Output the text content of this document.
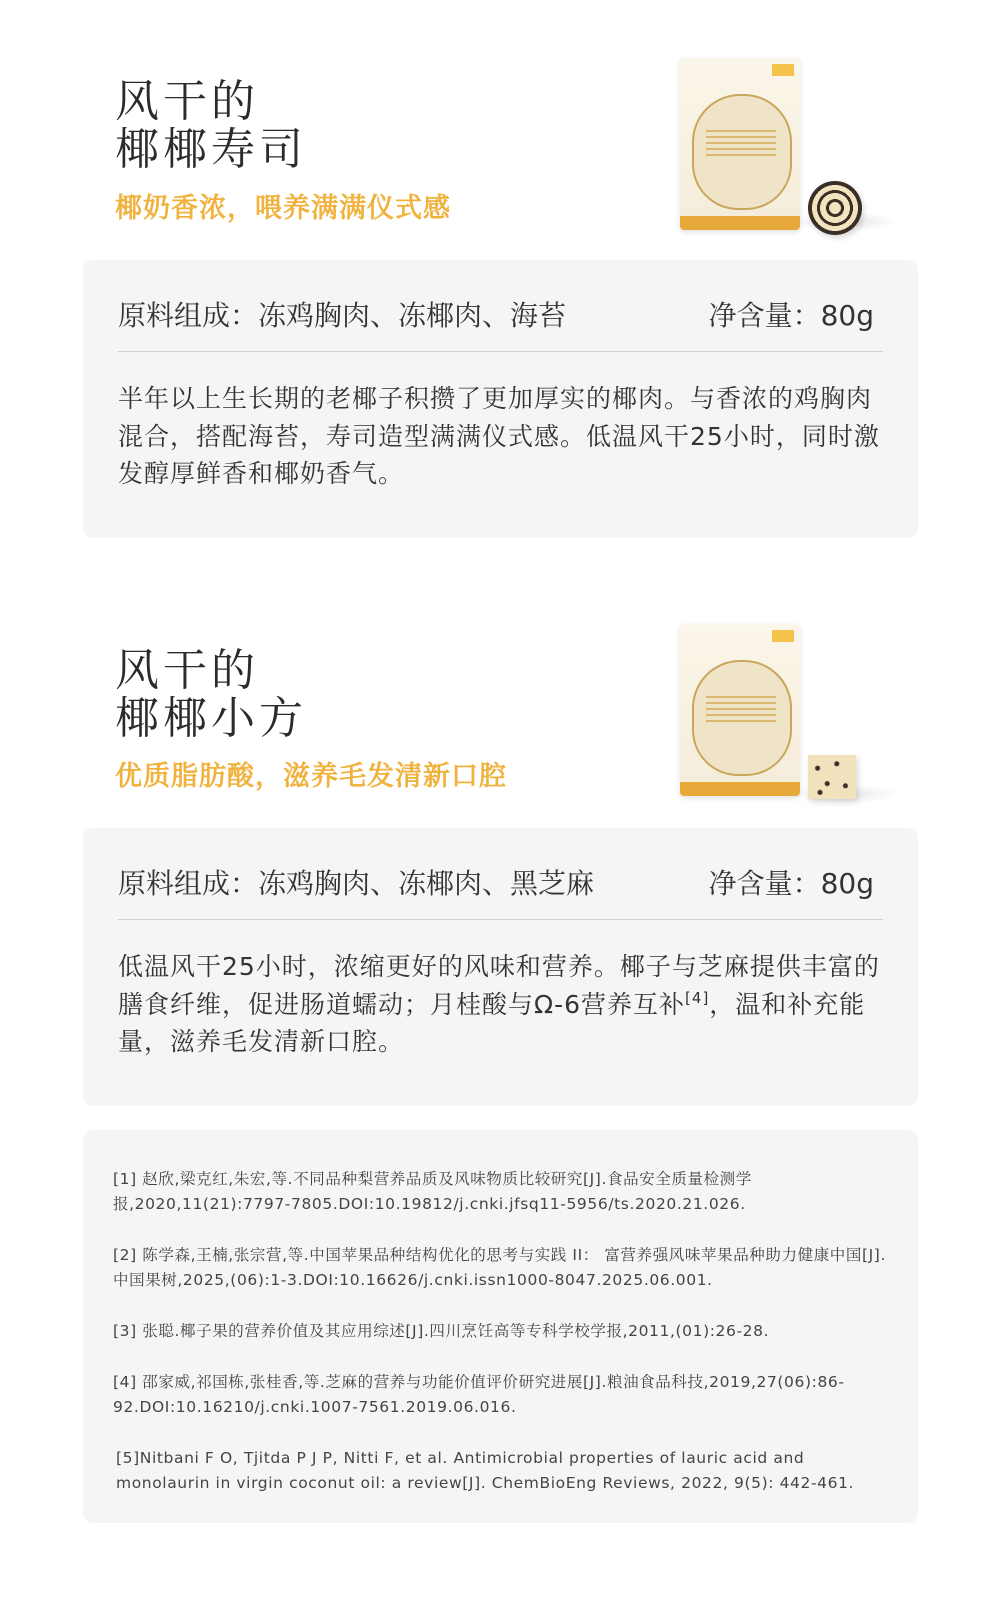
风干的
椰椰寿司
椰奶香浓，喂养满满仪式感
原料组成：冻鸡胸肉、冻椰肉、海苔	净含量：80g
半年以上生长期的老椰子积攒了更加厚实的椰肉。与香浓的鸡胸肉混合，搭配海苔，寿司造型满满仪式感。低温风干25小时，同时激发醇厚鲜香和椰奶香气。
风干的
椰椰小方
优质脂肪酸，滋养毛发清新口腔
原料组成：冻鸡胸肉、冻椰肉、黑芝麻	净含量：80g
低温风干25小时，浓缩更好的风味和营养。椰子与芝麻提供丰富的膳食纤维，促进肠道蠕动；月桂酸与Ω-6营养互补[4]，温和补充能量，滋养毛发清新口腔。
[1] 赵欣,梁克红,朱宏,等.不同品种梨营养品质及风味物质比较研究[J].食品安全质量检测学报,2020,11(21):7797-7805.DOI:10.19812/j.cnki.jfsq11-5956/ts.2020.21.026.
[2] 陈学森,王楠,张宗营,等.中国苹果品种结构优化的思考与实践 II： 富营养强风味苹果品种助力健康中国[J].中国果树,2025,(06):1-3.DOI:10.16626/j.cnki.issn1000-8047.2025.06.001.
[3] 张聪.椰子果的营养价值及其应用综述[J].四川烹饪高等专科学校学报,2011,(01):26-28.
[4] 邵家威,祁国栋,张桂香,等.芝麻的营养与功能价值评价研究进展[J].粮油食品科技,2019,27(06):86-92.DOI:10.16210/j.cnki.1007-7561.2019.06.016.
[5]Nitbani F O, Tjitda P J P, Nitti F, et al. Antimicrobial properties of lauric acid and monolaurin in virgin coconut oil: a review[J]. ChemBioEng Reviews, 2022, 9(5): 442-461.
